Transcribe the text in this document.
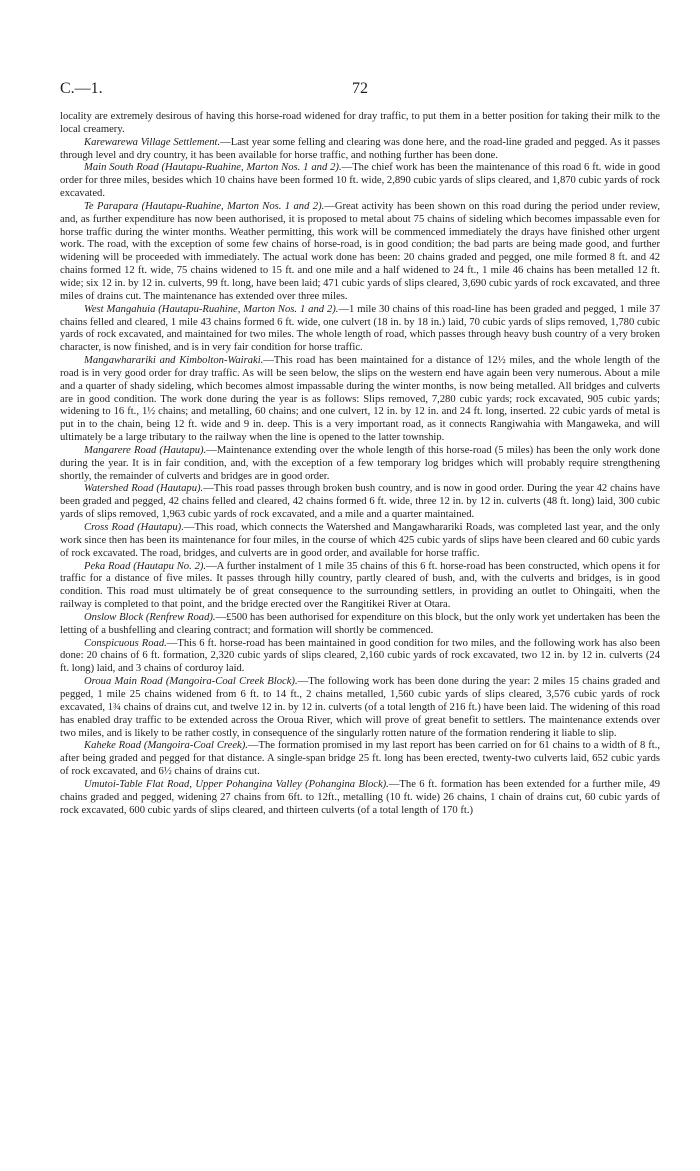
C.—1.	72

locality are extremely desirous of having this horse-road widened for dray traffic, to put them in a better position for taking their milk to the local creamery.

Karewarewa Village Settlement.—Last year some felling and clearing was done here, and the road-line graded and pegged. As it passes through level and dry country, it has been available for horse traffic, and nothing further has been done.

Main South Road (Hautapu-Ruahine, Marton Nos. 1 and 2).—The chief work has been the maintenance of this road 6 ft. wide in good order for three miles, besides which 10 chains have been formed 10 ft. wide, 2,890 cubic yards of slips cleared, and 1,870 cubic yards of rock excavated.

Te Parapara (Hautapu-Ruahine, Marton Nos. 1 and 2).—Great activity has been shown on this road during the period under review, and, as further expenditure has now been authorised, it is proposed to metal about 75 chains of sideling which becomes impassable even for horse traffic during the winter months. Weather permitting, this work will be commenced immediately the drays have finished other urgent work. The road, with the exception of some few chains of horse-road, is in good condition; the bad parts are being made good, and further widening will be proceeded with immediately. The actual work done has been: 20 chains graded and pegged, one mile formed 8 ft. and 42 chains formed 12 ft. wide, 75 chains widened to 15 ft. and one mile and a half widened to 24 ft., 1 mile 46 chains has been metalled 12 ft. wide; six 12 in. by 12 in. culverts, 99 ft. long, have been laid; 471 cubic yards of slips cleared, 3,690 cubic yards of rock excavated, and three miles of drains cut. The maintenance has extended over three miles.

West Mangahuia (Hautapu-Ruahine, Marton Nos. 1 and 2).—1 mile 30 chains of this road-line has been graded and pegged, 1 mile 37 chains felled and cleared, 1 mile 43 chains formed 6 ft. wide, one culvert (18 in. by 18 in.) laid, 70 cubic yards of slips removed, 1,780 cubic yards of rock excavated, and maintained for two miles. The whole length of road, which passes through heavy bush country of a very broken character, is now finished, and is in very fair condition for horse traffic.

Mangawharariki and Kimbolton-Wairaki.—This road has been maintained for a distance of 12½ miles, and the whole length of the road is in very good order for dray traffic. As will be seen below, the slips on the western end have again been very numerous. About a mile and a quarter of shady sideling, which becomes almost impassable during the winter months, is now being metalled. All bridges and culverts are in good condition. The work done during the year is as follows: Slips removed, 7,280 cubic yards; rock excavated, 905 cubic yards; widening to 16 ft., 1½ chains; and metalling, 60 chains; and one culvert, 12 in. by 12 in. and 24 ft. long, inserted. 22 cubic yards of metal is put in to the chain, being 12 ft. wide and 9 in. deep. This is a very important road, as it connects Rangiwahia with Mangaweka, and will ultimately be a large tributary to the railway when the line is opened to the latter township.

Mangarere Road (Hautapu).—Maintenance extending over the whole length of this horse-road (5 miles) has been the only work done during the year. It is in fair condition, and, with the exception of a few temporary log bridges which will probably require strengthening shortly, the remainder of culverts and bridges are in good order.

Watershed Road (Hautapu).—This road passes through broken bush country, and is now in good order. During the year 42 chains have been graded and pegged, 42 chains felled and cleared, 42 chains formed 6 ft. wide, three 12 in. by 12 in. culverts (48 ft. long) laid, 300 cubic yards of slips removed, 1,963 cubic yards of rock excavated, and a mile and a quarter maintained.

Cross Road (Hautapu).—This road, which connects the Watershed and Mangawharariki Roads, was completed last year, and the only work since then has been its maintenance for four miles, in the course of which 425 cubic yards of slips have been cleared and 60 cubic yards of rock excavated. The road, bridges, and culverts are in good order, and available for horse traffic.

Peka Road (Hautapu No. 2).—A further instalment of 1 mile 35 chains of this 6 ft. horse-road has been constructed, which opens it for traffic for a distance of five miles. It passes through hilly country, partly cleared of bush, and, with the culverts and bridges, is in good condition. This road must ultimately be of great consequence to the surrounding settlers, in providing an outlet to Ohingaiti, when the railway is completed to that point, and the bridge erected over the Rangitikei River at Otara.

Onslow Block (Renfrew Road).—£500 has been authorised for expenditure on this block, but the only work yet undertaken has been the letting of a bushfelling and clearing contract; and formation will shortly be commenced.

Conspicuous Road.—This 6 ft. horse-road has been maintained in good condition for two miles, and the following work has also been done: 20 chains of 6 ft. formation, 2,320 cubic yards of slips cleared, 2,160 cubic yards of rock excavated, two 12 in. by 12 in. culverts (24 ft. long) laid, and 3 chains of corduroy laid.

Oroua Main Road (Mangoira-Coal Creek Block).—The following work has been done during the year: 2 miles 15 chains graded and pegged, 1 mile 25 chains widened from 6 ft. to 14 ft., 2 chains metalled, 1,560 cubic yards of slips cleared, 3,576 cubic yards of rock excavated, 1¾ chains of drains cut, and twelve 12 in. by 12 in. culverts (of a total length of 216 ft.) have been laid. The widening of this road has enabled dray traffic to be extended across the Oroua River, which will prove of great benefit to settlers. The maintenance extends over two miles, and is likely to be rather costly, in consequence of the singularly rotten nature of the formation rendering it liable to slip.

Kaheke Road (Mangoira-Coal Creek).—The formation promised in my last report has been carried on for 61 chains to a width of 8 ft., after being graded and pegged for that distance. A single-span bridge 25 ft. long has been erected, twenty-two culverts laid, 652 cubic yards of rock excavated, and 6½ chains of drains cut.

Umutoi-Table Flat Road, Upper Pohangina Valley (Pohangina Block).—The 6 ft. formation has been extended for a further mile, 49 chains graded and pegged, widening 27 chains from 6ft. to 12ft., metalling (10 ft. wide) 26 chains, 1 chain of drains cut, 60 cubic yards of rock excavated, 600 cubic yards of slips cleared, and thirteen culverts (of a total length of 170 ft.)
